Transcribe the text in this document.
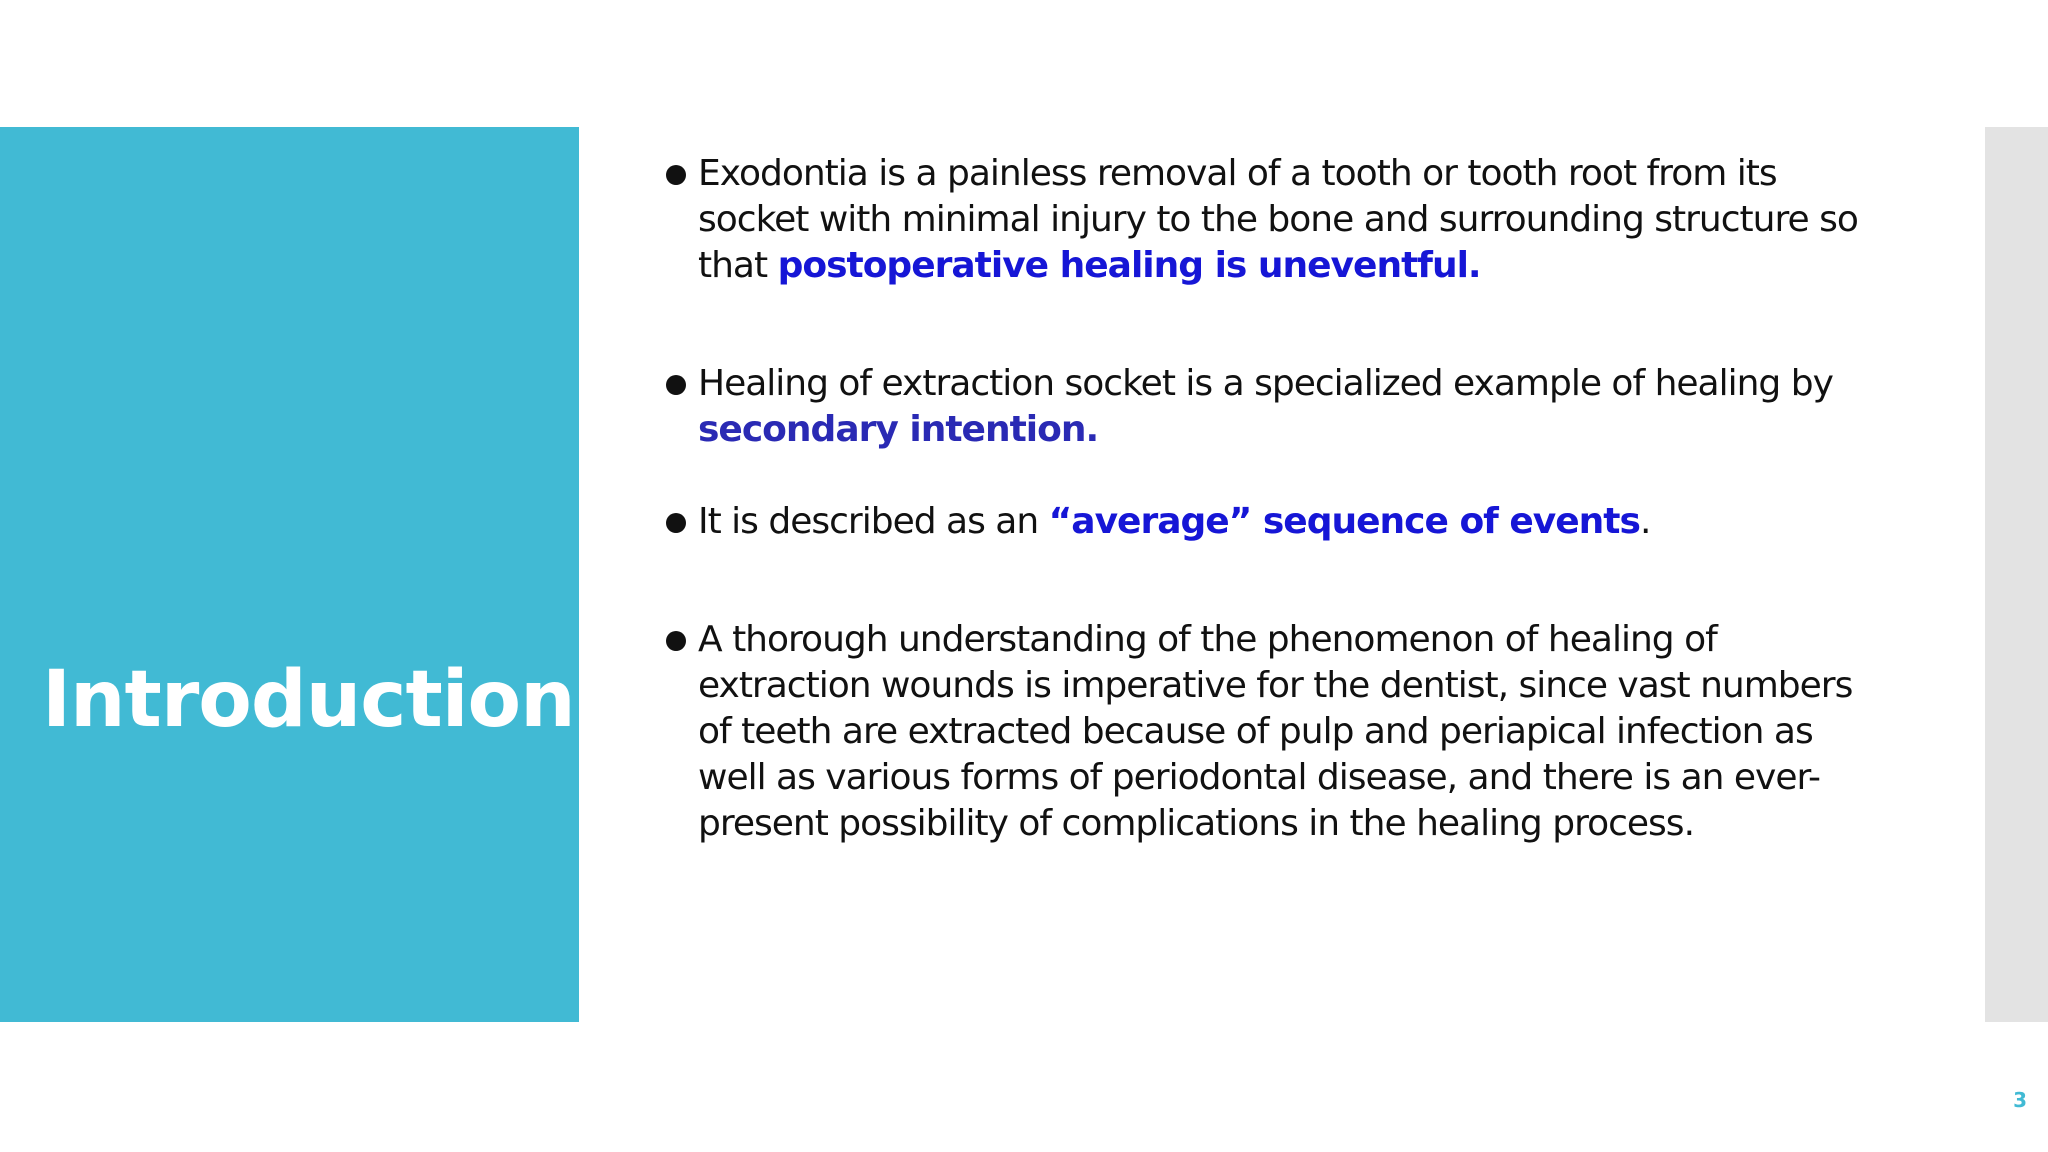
Introduction
Exodontia is a painless removal of a tooth or tooth root from its socket with minimal injury to the bone and surrounding structure so that postoperative healing is uneventful.
Healing of extraction socket is a specialized example of healing by secondary intention.
It is described as an “average” sequence of events.
A thorough understanding of the phenomenon of healing of extraction wounds is imperative for the dentist, since vast numbers of teeth are extracted because of pulp and periapical infection as well as various forms of periodontal disease, and there is an ever-present possibility of complications in the healing process.
3
